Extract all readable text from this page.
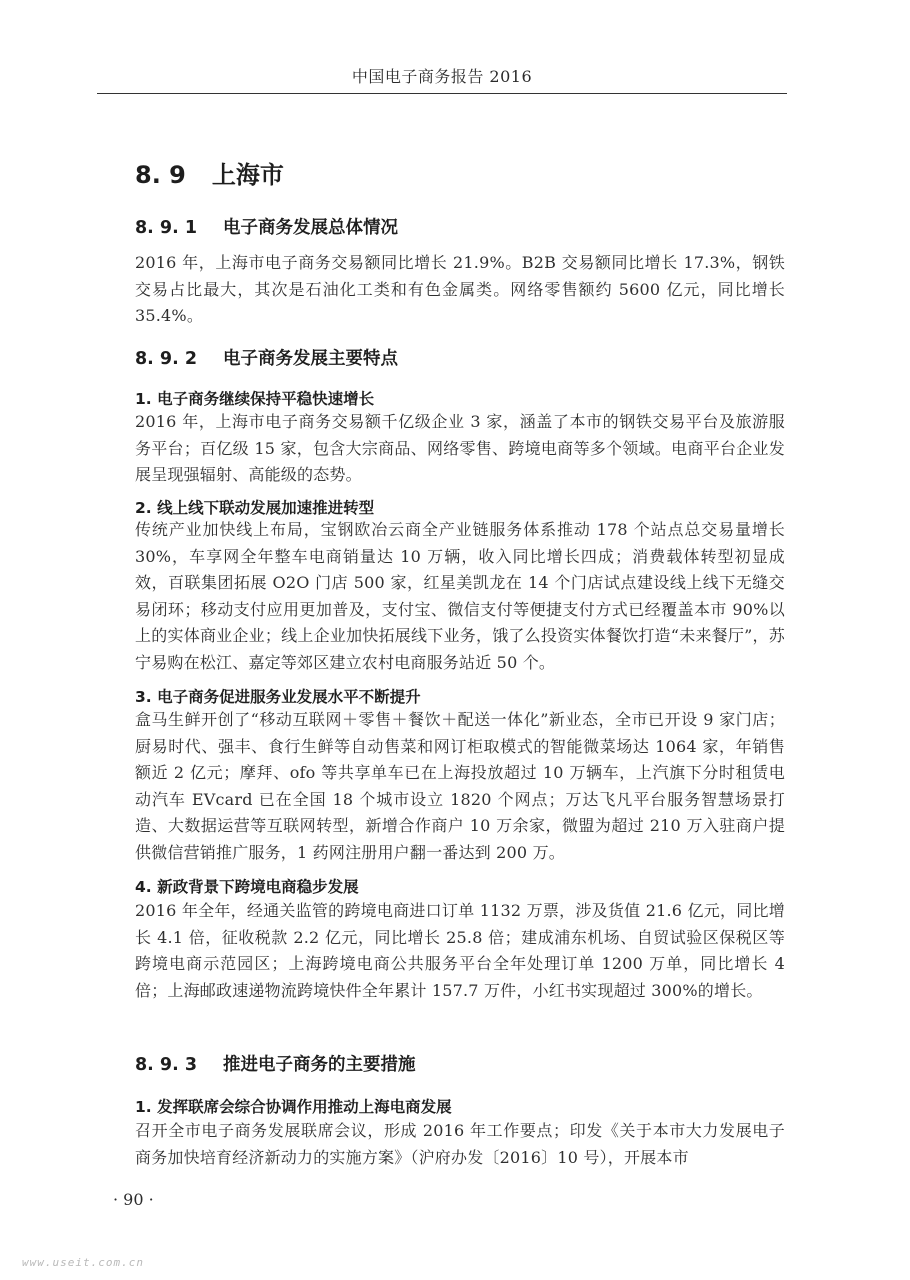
中国电子商务报告 2016
8. 9 上海市
8. 9. 1 电子商务发展总体情况
2016 年，上海市电子商务交易额同比增长 21.9%。B2B 交易额同比增长 17.3%，钢铁交易占比最大，其次是石油化工类和有色金属类。网络零售额约 5600 亿元，同比增长 35.4%。
8. 9. 2 电子商务发展主要特点
1. 电子商务继续保持平稳快速增长
2016 年，上海市电子商务交易额千亿级企业 3 家，涵盖了本市的钢铁交易平台及旅游服务平台；百亿级 15 家，包含大宗商品、网络零售、跨境电商等多个领域。电商平台企业发展呈现强辐射、高能级的态势。
2. 线上线下联动发展加速推进转型
传统产业加快线上布局，宝钢欧冶云商全产业链服务体系推动 178 个站点总交易量增长 30%，车享网全年整车电商销量达 10 万辆，收入同比增长四成；消费载体转型初显成效，百联集团拓展 O2O 门店 500 家，红星美凯龙在 14 个门店试点建设线上线下无缝交易闭环；移动支付应用更加普及，支付宝、微信支付等便捷支付方式已经覆盖本市 90%以上的实体商业企业；线上企业加快拓展线下业务，饿了么投资实体餐饮打造“未来餐厅”，苏宁易购在松江、嘉定等郊区建立农村电商服务站近 50 个。
3. 电子商务促进服务业发展水平不断提升
盒马生鲜开创了“移动互联网＋零售＋餐饮＋配送一体化”新业态，全市已开设 9 家门店；厨易时代、强丰、食行生鲜等自动售菜和网订柜取模式的智能微菜场达 1064 家，年销售额近 2 亿元；摩拜、ofo 等共享单车已在上海投放超过 10 万辆车，上汽旗下分时租赁电动汽车 EVcard 已在全国 18 个城市设立 1820 个网点；万达飞凡平台服务智慧场景打造、大数据运营等互联网转型，新增合作商户 10 万余家，微盟为超过 210 万入驻商户提供微信营销推广服务，1 药网注册用户翻一番达到 200 万。
4. 新政背景下跨境电商稳步发展
2016 年全年，经通关监管的跨境电商进口订单 1132 万票，涉及货值 21.6 亿元，同比增长 4.1 倍，征收税款 2.2 亿元，同比增长 25.8 倍；建成浦东机场、自贸试验区保税区等跨境电商示范园区；上海跨境电商公共服务平台全年处理订单 1200 万单，同比增长 4 倍；上海邮政速递物流跨境快件全年累计 157.7 万件，小红书实现超过 300%的增长。
8. 9. 3 推进电子商务的主要措施
1. 发挥联席会综合协调作用推动上海电商发展
召开全市电子商务发展联席会议，形成 2016 年工作要点；印发《关于本市大力发展电子商务加快培育经济新动力的实施方案》（沪府办发〔2016〕10 号），开展本市
· 90 ·
www.useit.com.cn
